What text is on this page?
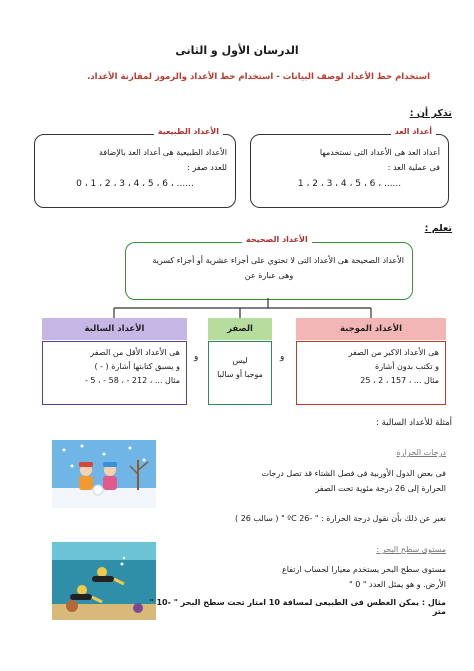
الدرسان الأول و الثانى
استخدام خط الأعداد لوصف البيانات - استخدام خط الأعداد والرموز لمقارنة الأعداد.
تذكر أن :
أعداد العد
أعداد العد هى الأعداد التى نستخدمها
فى عملية العد :
1 ، 2 ، 3 ، 4 ، 5 ، 6 ، ......
الأعداد الطبيعية
الأعداد الطبيعية هى أعداد العد بالإضافة
للعدد صفر :
0 ، 1 ، 2 ، 3 ، 4 ، 5 ، 6 ، ......
تعلم :
الأعداد الصحيحة
الأعداد الصحيحة هى الأعداد التى لا تحتوي على أجزاء عشرية أو أجزاء كسرية
وهى عبارة عن
الأعداد الموجبة
الصفر
الأعداد السالبة
هى الأعداد الاكبر من الصفر
و تكتب بدون أشارة
مثال ... ، 157 ، 2 ، 25
ليس
موجبا أو سالبا
هى الأعداد الأقل من الصفر
و يسبق كتابتها أشارة ( - )
مثال ... ، 212 - ، 58 - ، 5 -
و
و
أمثلة للأعداد السالبة :
درجات الحرارة
فى بعض الدول الأوربية فى فصل الشتاء قد تصل درجات
الحرارة إلى 26 درجة مئوية تحت الصفر
نعبر عن ذلك بأن نقول درجة الحرارة : " -26 ºC " ( سالب 26 )
مستوى سطح البحر :
مستوى سطح البحر يستخدم معيارا لحساب ارتفاع
الأرض. و هو يمثل العدد " 0 "
مثال : يمكن الغطس فى الطبيعى لمسافة 10 امتار تحت سطح البحر " -10 " متر
